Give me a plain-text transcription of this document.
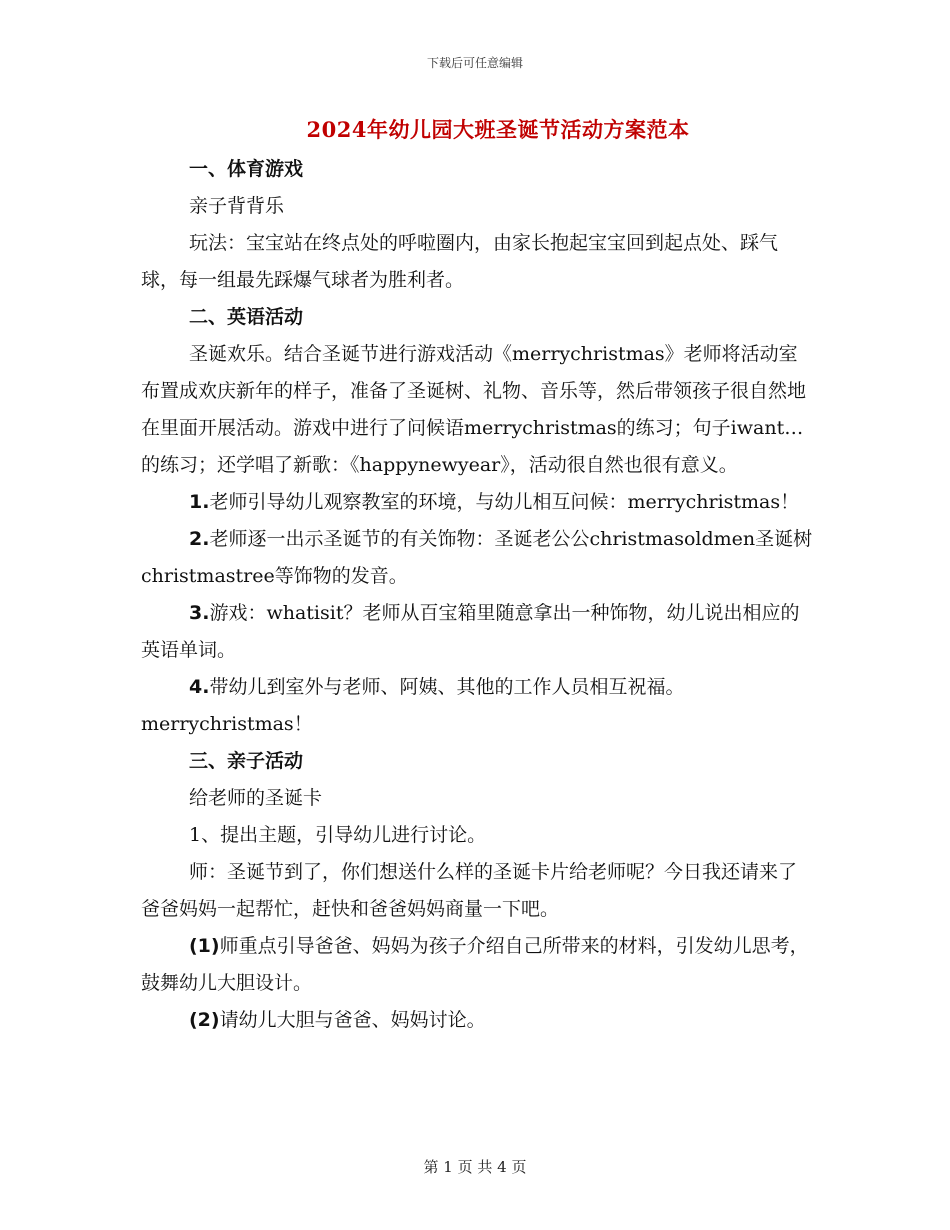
下载后可任意编辑
2024年幼儿园大班圣诞节活动方案范本

一、体育游戏

亲子背背乐

玩法：宝宝站在终点处的呼啦圈内，由家长抱起宝宝回到起点处、踩气球，每一组最先踩爆气球者为胜利者。

二、英语活动

圣诞欢乐。结合圣诞节进行游戏活动《merrychristmas》老师将活动室布置成欢庆新年的样子，准备了圣诞树、礼物、音乐等，然后带领孩子很自然地在里面开展活动。游戏中进行了问候语merrychristmas的练习；句子iwant…的练习；还学唱了新歌：《happynewyear》，活动很自然也很有意义。

1.老师引导幼儿观察教室的环境，与幼儿相互问候：merrychristmas！

2.老师逐一出示圣诞节的有关饰物：圣诞老公公christmasoldmen圣诞树christmastree等饰物的发音。

3.游戏：whatisit？老师从百宝箱里随意拿出一种饰物，幼儿说出相应的英语单词。

4.带幼儿到室外与老师、阿姨、其他的工作人员相互祝福。merrychristmas！

三、亲子活动

给老师的圣诞卡

1、提出主题，引导幼儿进行讨论。

师：圣诞节到了，你们想送什么样的圣诞卡片给老师呢？今日我还请来了爸爸妈妈一起帮忙，赶快和爸爸妈妈商量一下吧。

(1)师重点引导爸爸、妈妈为孩子介绍自己所带来的材料，引发幼儿思考，鼓舞幼儿大胆设计。

(2)请幼儿大胆与爸爸、妈妈讨论。

第 1 页 共 4 页
